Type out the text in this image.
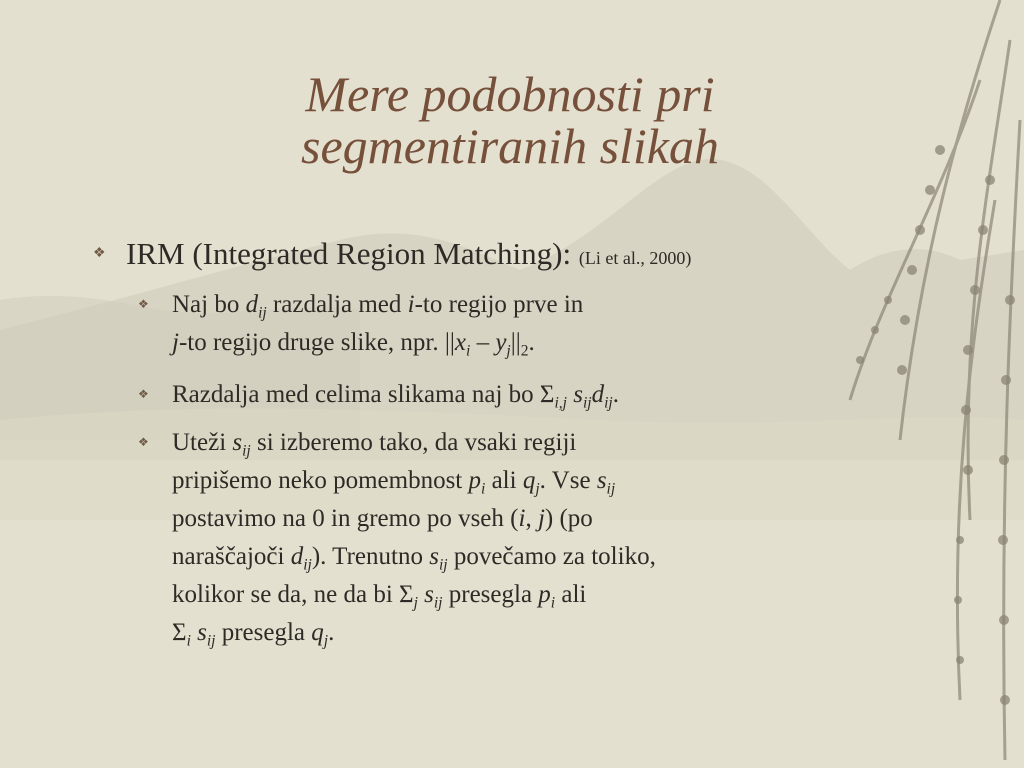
Mere podobnosti pri
segmentiranih slikah
❖ IRM (Integrated Region Matching): (Li et al., 2000)
❖ Naj bo $d_{ij}$ razdalja med i-to regijo prve in
j-to regijo druge slike, npr. $||x_i - y_j||_2$.
❖ Razdalja med celima slikama naj bo $\Sigma_{i,j}$ $s_{ij}d_{ij}$.
❖ Uteži $s_{ij}$ si izberemo tako, da vsaki regiji
pripišemo neko pomembnost $p_i$ ali $q_j$. Vse $s_{ij}$
postavimo na 0 in gremo po vseh (i, j) (po
naraščajoči $d_{ij}$). Trenutno $s_{ij}$ povečamo za toliko,
kolikor se da, ne da bi $\Sigma_j$ $s_{ij}$ presegla $p_i$ ali
$\Sigma_i$ $s_{ij}$ presegla $q_j$.
